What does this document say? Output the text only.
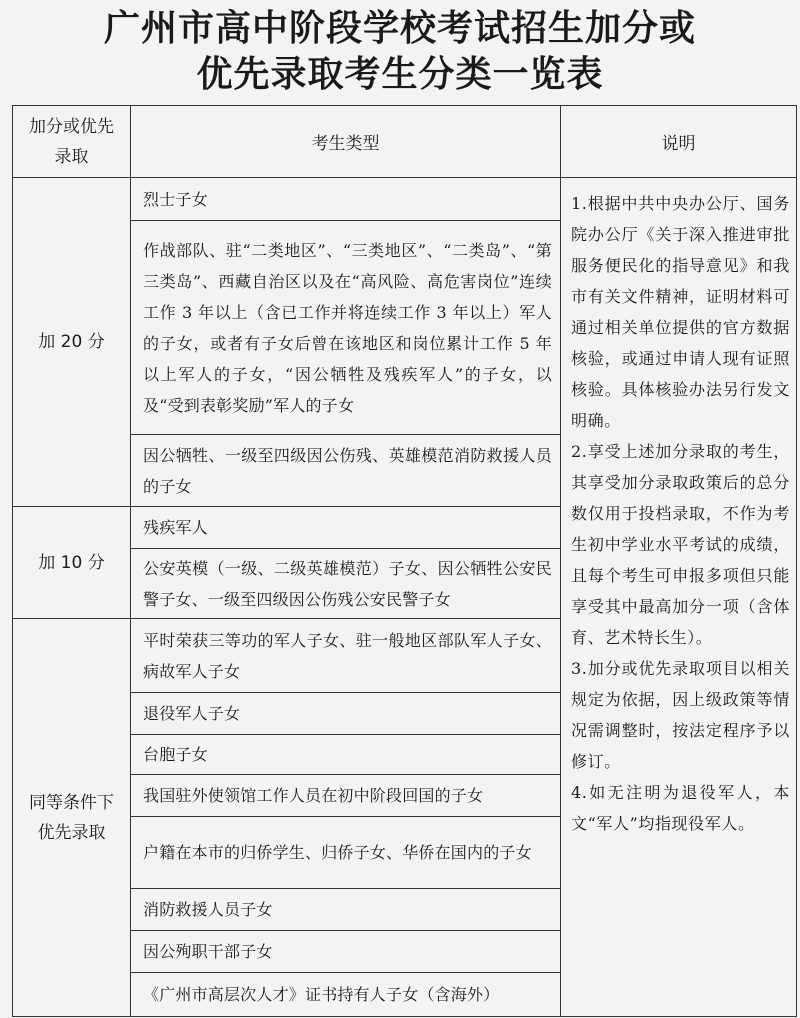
广州市高中阶段学校考试招生加分或
优先录取考生分类一览表
加分或优先
录取	考生类型	说明
加 20 分	烈士子女	1.根据中共中央办公厅、国务院办公厅《关于深入推进审批服务便民化的指导意见》和我市有关文件精神，证明材料可通过相关单位提供的官方数据核验，或通过申请人现有证照核验。具体核验办法另行发文明确。

2.享受上述加分录取的考生，其享受加分录取政策后的总分数仅用于投档录取，不作为考生初中学业水平考试的成绩，且每个考生可申报多项但只能享受其中最高加分一项（含体育、艺术特长生）。

3.加分或优先录取项目以相关规定为依据，因上级政策等情况需调整时，按法定程序予以修订。

4.如无注明为退役军人，本文“军人”均指现役军人。

	作战部队、驻“二类地区”、“三类地区”、“二类岛”、“第三类岛”、西藏自治区以及在“高风险、高危害岗位”连续工作 3 年以上（含已工作并将连续工作 3 年以上）军人的子女，或者有子女后曾在该地区和岗位累计工作 5 年以上军人的子女，“因公牺牲及残疾军人”的子女，以及“受到表彰奖励”军人的子女	
	因公牺牲、一级至四级因公伤残、英雄模范消防救援人员的子女	
加 10 分	残疾军人	
	公安英模（一级、二级英雄模范）子女、因公牺牲公安民警子女、一级至四级因公伤残公安民警子女	

同等条件下
优先录取	平时荣获三等功的军人子女、驻一般地区部队军人子女、病故军人子女	
	退役军人子女	
	台胞子女	
	我国驻外使领馆工作人员在初中阶段回国的子女	
	户籍在本市的归侨学生、归侨子女、华侨在国内的子女	
	消防救援人员子女	
	因公殉职干部子女	
	《广州市高层次人才》证书持有人子女（含海外）	
